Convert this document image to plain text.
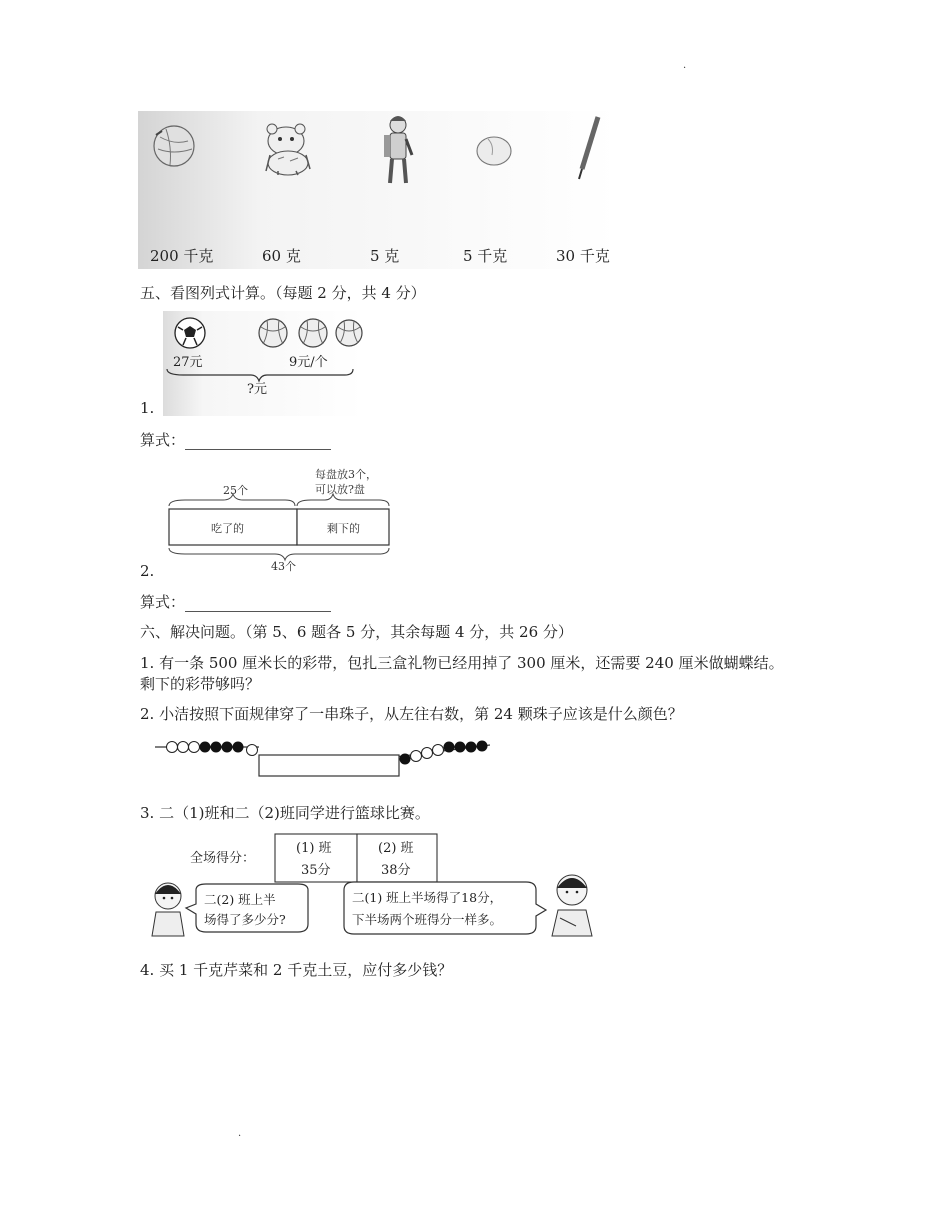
.
200 千克	60 克	5 克	5 千克	30 千克
五、看图列式计算。（每题 2 分，共 4 分）
27元	9元/个
?元
1.
算式：
每盘放3个，
可以放?盘
25个
吃了的	剩下的
43个
2.
算式：
六、解决问题。（第 5、6 题各 5 分，其余每题 4 分，共 26 分）
1. 有一条 500 厘米长的彩带，包扎三盒礼物已经用掉了 300 厘米，还需要 240 厘米做蝴蝶结。
剩下的彩带够吗？
2. 小洁按照下面规律穿了一串珠子，从左往右数，第 24 颗珠子应该是什么颜色？
3. 二（1)班和二（2)班同学进行篮球比赛。
全场得分：
(1) 班
35分
(2) 班
38分
二(2) 班上半
场得了多少分?
二(1) 班上半场得了18分，
下半场两个班得分一样多。
4. 买 1 千克芹菜和 2 千克土豆，应付多少钱？
.
